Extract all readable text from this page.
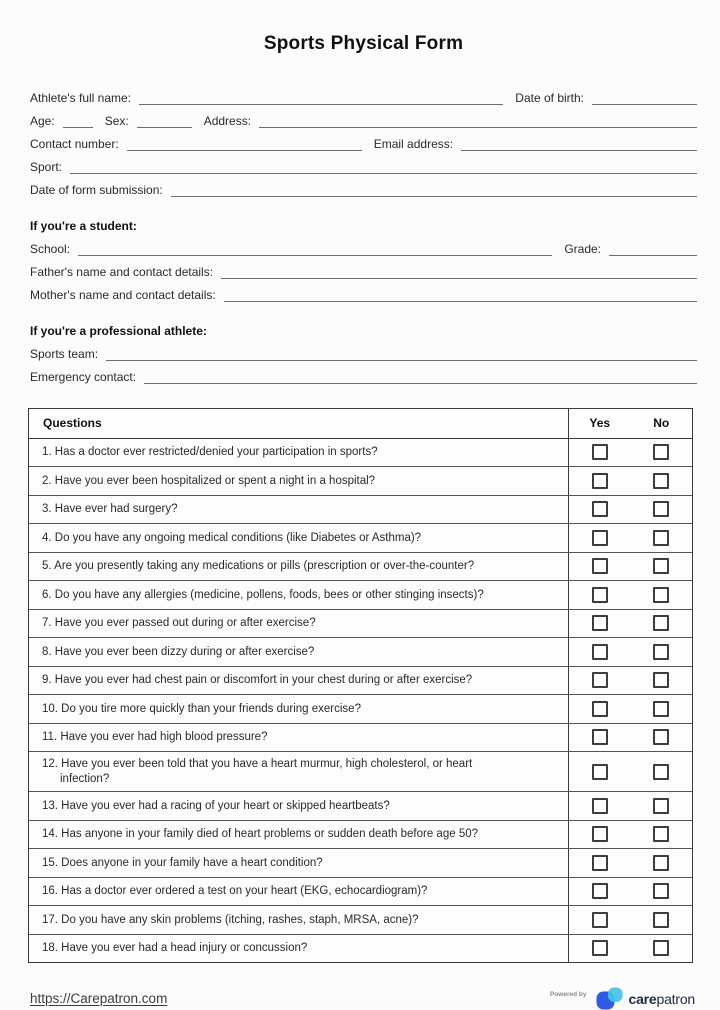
Sports Physical Form
Athlete's full name:	Date of birth:
Age:	Sex:	Address:
Contact number:	Email address:
Sport:
Date of form submission:
If you're a student:
School:	Grade:
Father's name and contact details:
Mother's name and contact details:
If you're a professional athlete:
Sports team:
Emergency contact:
Questions	Yes	No
1. Has a doctor ever restricted/denied your participation in sports?
2. Have you ever been hospitalized or spent a night in a hospital?
3. Have ever had surgery?
4. Do you have any ongoing medical conditions (like Diabetes or Asthma)?
5. Are you presently taking any medications or pills (prescription or over-the-counter?
6. Do you have any allergies (medicine, pollens, foods, bees or other stinging insects)?
7. Have you ever passed out during or after exercise?
8. Have you ever been dizzy during or after exercise?
9. Have you ever had chest pain or discomfort in your chest during or after exercise?
10. Do you tire more quickly than your friends during exercise?
11. Have you ever had high blood pressure?
12. Have you ever been told that you have a heart murmur, high cholesterol, or heart infection?
13. Have you ever had a racing of your heart or skipped heartbeats?
14. Has anyone in your family died of heart problems or sudden death before age 50?
15. Does anyone in your family have a heart condition?
16. Has a doctor ever ordered a test on your heart (EKG, echocardiogram)?
17. Do you have any skin problems (itching, rashes, staph, MRSA, acne)?
18. Have you ever had a head injury or concussion?
https://Carepatron.com	Powered by	carepatron
